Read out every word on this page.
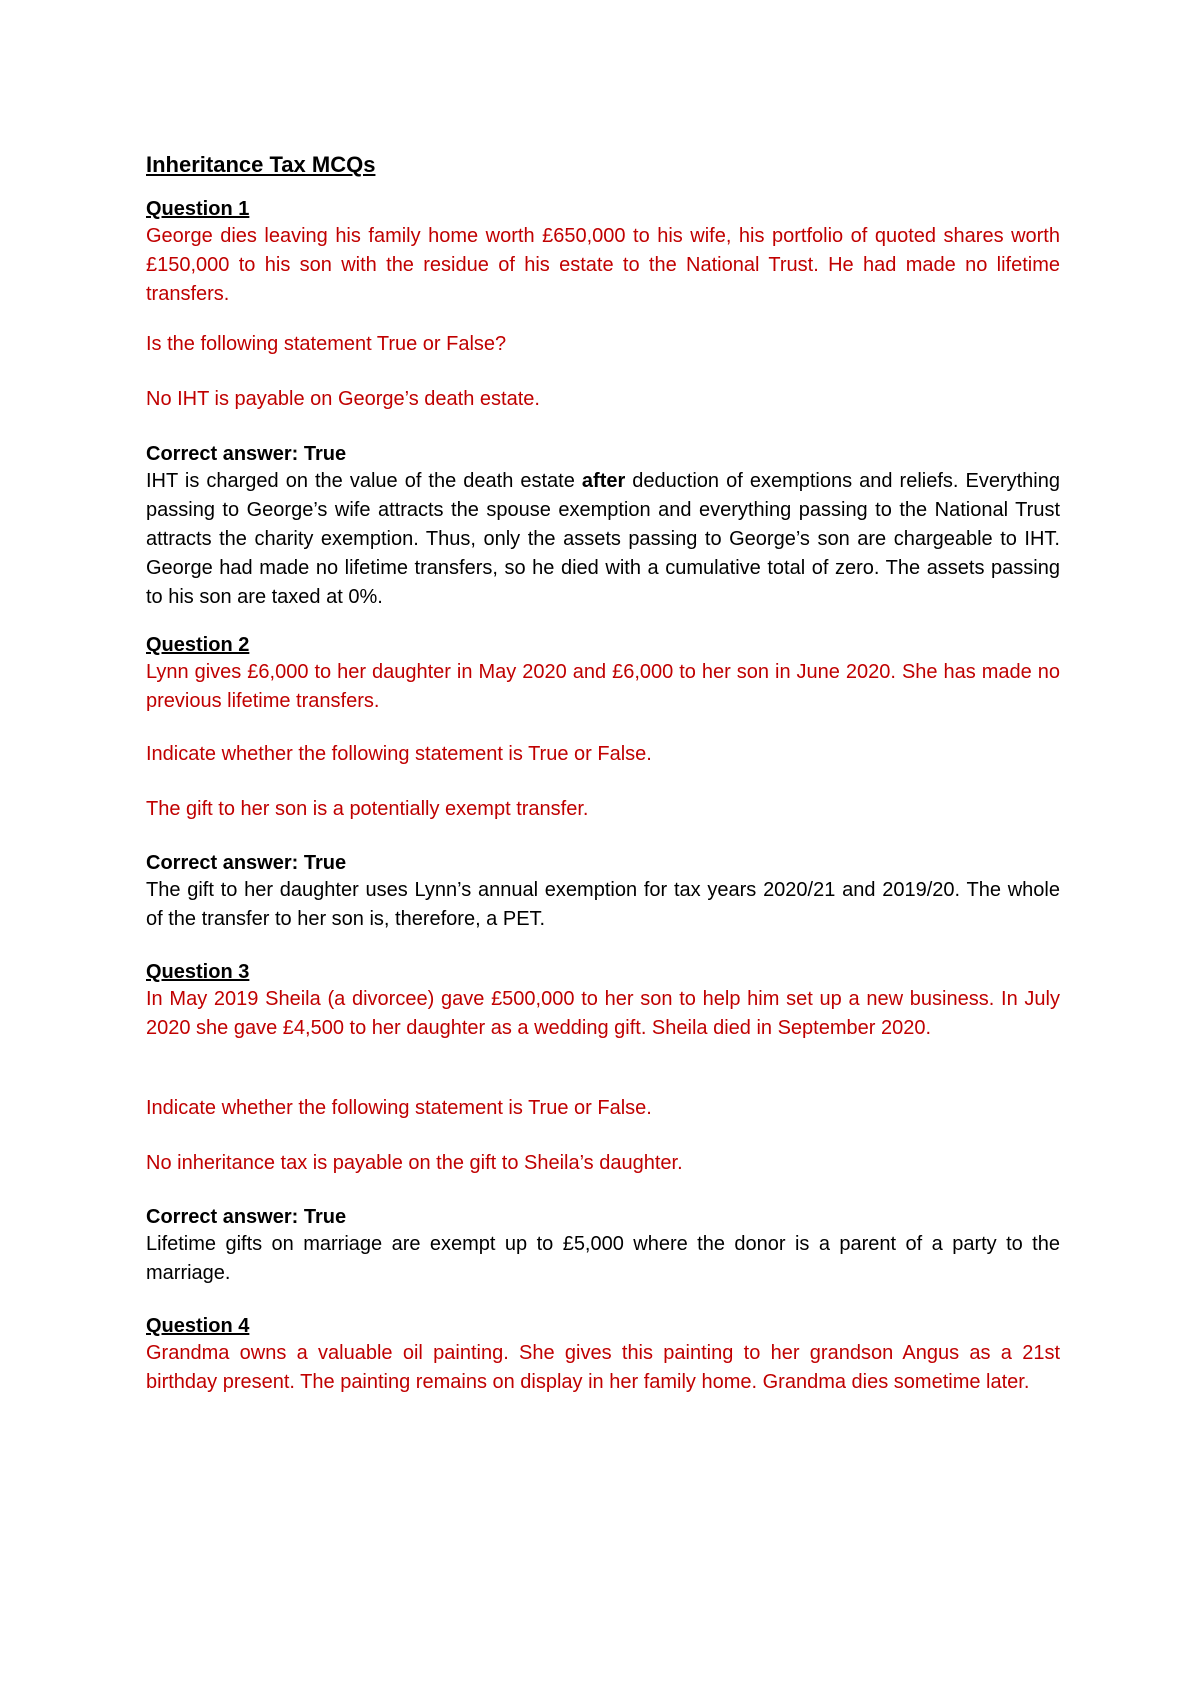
Inheritance Tax MCQs
Question 1

George dies leaving his family home worth £650,000 to his wife, his portfolio of quoted shares worth £150,000 to his son with the residue of his estate to the National Trust. He had made no lifetime transfers.

Is the following statement True or False?

No IHT is payable on George’s death estate.

Correct answer: True

IHT is charged on the value of the death estate after deduction of exemptions and reliefs. Everything passing to George’s wife attracts the spouse exemption and everything passing to the National Trust attracts the charity exemption. Thus, only the assets passing to George’s son are chargeable to IHT. George had made no lifetime transfers, so he died with a cumulative total of zero. The assets passing to his son are taxed at 0%.

Question 2

Lynn gives £6,000 to her daughter in May 2020 and £6,000 to her son in June 2020. She has made no previous lifetime transfers.

Indicate whether the following statement is True or False.

The gift to her son is a potentially exempt transfer.

Correct answer: True

The gift to her daughter uses Lynn’s annual exemption for tax years 2020/21 and 2019/20. The whole of the transfer to her son is, therefore, a PET.

Question 3

In May 2019 Sheila (a divorcee) gave £500,000 to her son to help him set up a new business. In July 2020 she gave £4,500 to her daughter as a wedding gift. Sheila died in September 2020.

Indicate whether the following statement is True or False.

No inheritance tax is payable on the gift to Sheila’s daughter.

Correct answer: True

Lifetime gifts on marriage are exempt up to £5,000 where the donor is a parent of a party to the marriage.

Question 4

Grandma owns a valuable oil painting. She gives this painting to her grandson Angus as a 21st birthday present. The painting remains on display in her family home. Grandma dies sometime later.
